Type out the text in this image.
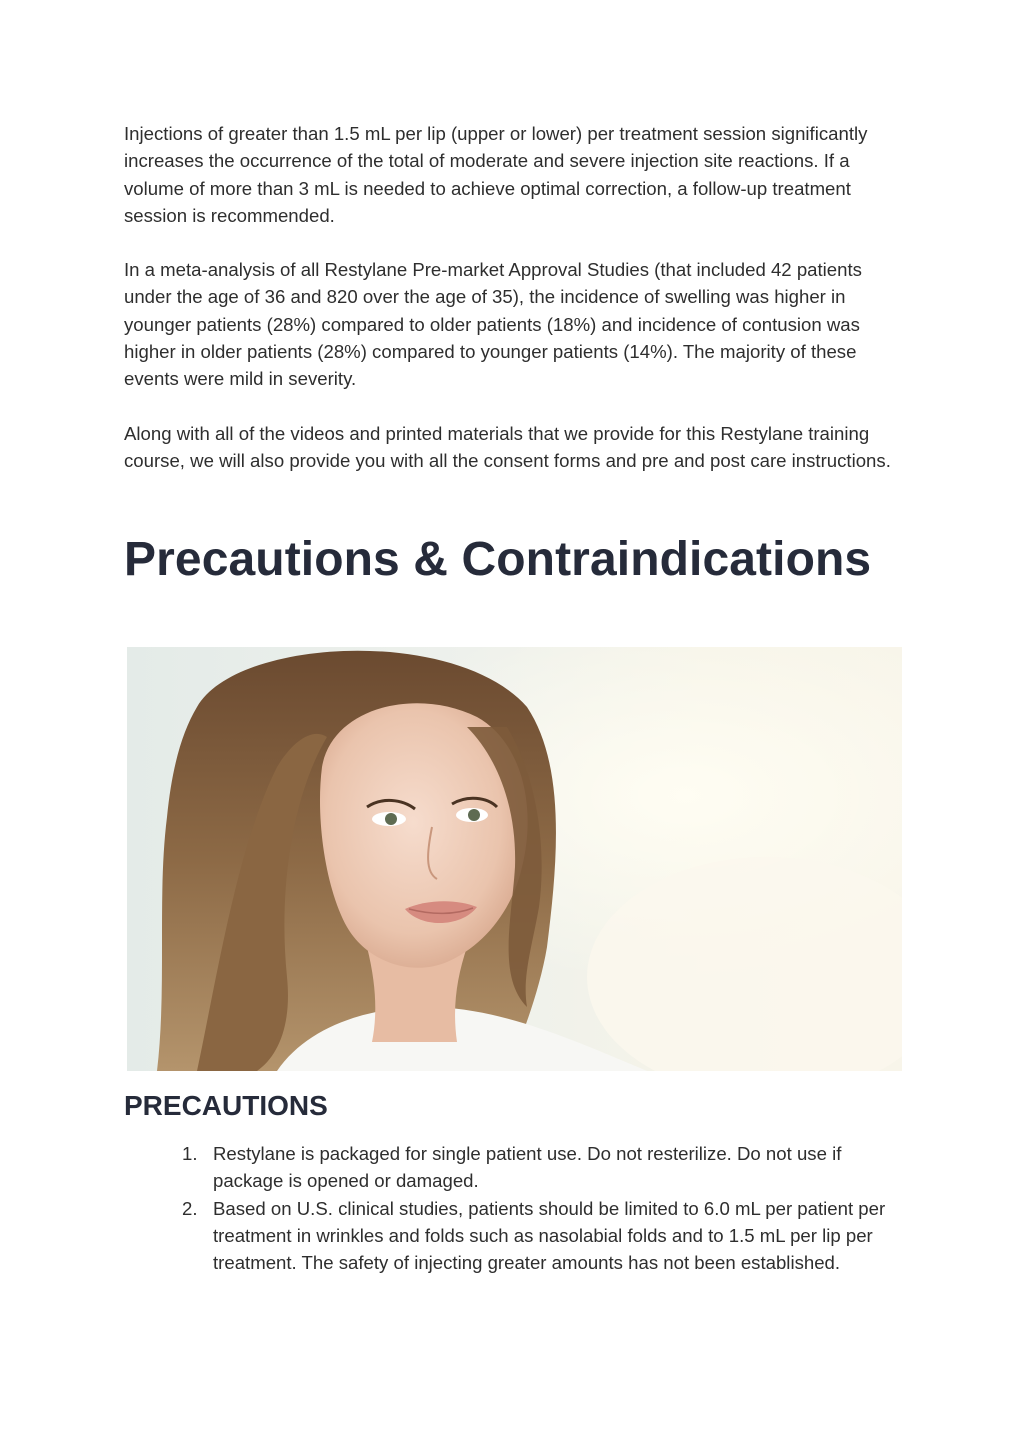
Injections of greater than 1.5 mL per lip (upper or lower) per treatment session significantly increases the occurrence of the total of moderate and severe injection site reactions. If a volume of more than 3 mL is needed to achieve optimal correction, a follow-up treatment session is recommended.

In a meta-analysis of all Restylane Pre-market Approval Studies (that included 42 patients under the age of 36 and 820 over the age of 35), the incidence of swelling was higher in younger patients (28%) compared to older patients (18%) and incidence of contusion was higher in older patients (28%) compared to younger patients (14%). The majority of these events were mild in severity.

Along with all of the videos and printed materials that we provide for this Restylane training course, we will also provide you with all the consent forms and pre and post care instructions.

Precautions & Contraindications
PRECAUTIONS
1. Restylane is packaged for single patient use. Do not resterilize. Do not use if package is opened or damaged.
2. Based on U.S. clinical studies, patients should be limited to 6.0 mL per patient per treatment in wrinkles and folds such as nasolabial folds and to 1.5 mL per lip per treatment. The safety of injecting greater amounts has not been established.
